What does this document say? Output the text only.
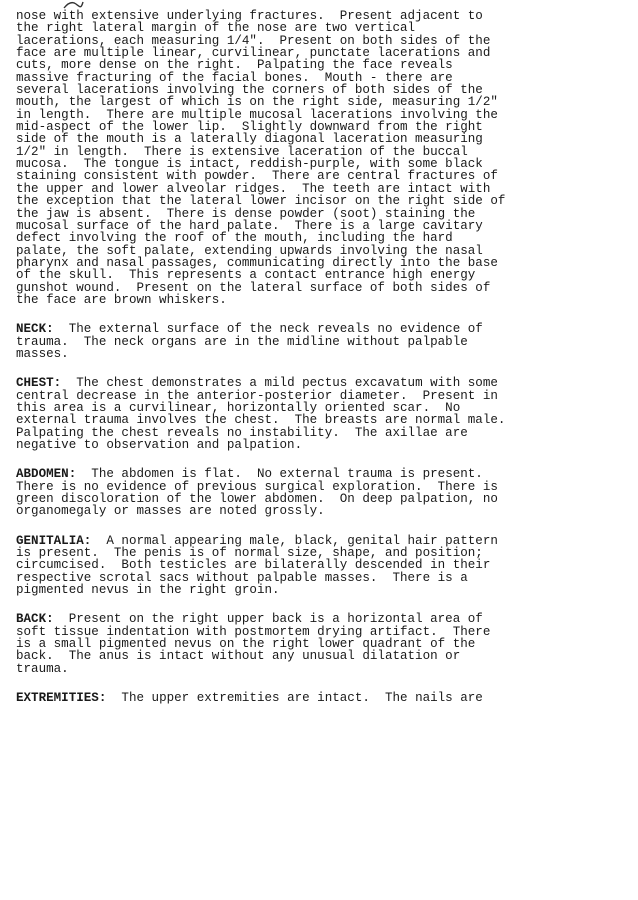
nose with extensive underlying fractures.  Present adjacent to
the right lateral margin of the nose are two vertical
lacerations, each measuring 1/4".  Present on both sides of the
face are multiple linear, curvilinear, punctate lacerations and
cuts, more dense on the right.  Palpating the face reveals
massive fracturing of the facial bones.  Mouth - there are
several lacerations involving the corners of both sides of the
mouth, the largest of which is on the right side, measuring 1/2"
in length.  There are multiple mucosal lacerations involving the
mid-aspect of the lower lip.  Slightly downward from the right
side of the mouth is a laterally diagonal laceration measuring
1/2" in length.  There is extensive laceration of the buccal
mucosa.  The tongue is intact, reddish-purple, with some black
staining consistent with powder.  There are central fractures of
the upper and lower alveolar ridges.  The teeth are intact with
the exception that the lateral lower incisor on the right side of
the jaw is absent.  There is dense powder (soot) staining the
mucosal surface of the hard palate.  There is a large cavitary
defect involving the roof of the mouth, including the hard
palate, the soft palate, extending upwards involving the nasal
pharynx and nasal passages, communicating directly into the base
of the skull.  This represents a contact entrance high energy
gunshot wound.  Present on the lateral surface of both sides of
the face are brown whiskers.
NECK:  The external surface of the neck reveals no evidence of
trauma.  The neck organs are in the midline without palpable
masses.
CHEST:  The chest demonstrates a mild pectus excavatum with some
central decrease in the anterior-posterior diameter.  Present in
this area is a curvilinear, horizontally oriented scar.  No
external trauma involves the chest.  The breasts are normal male.
Palpating the chest reveals no instability.  The axillae are
negative to observation and palpation.
ABDOMEN:  The abdomen is flat.  No external trauma is present.
There is no evidence of previous surgical exploration.  There is
green discoloration of the lower abdomen.  On deep palpation, no
organomegaly or masses are noted grossly.
GENITALIA:  A normal appearing male, black, genital hair pattern
is present.  The penis is of normal size, shape, and position;
circumcised.  Both testicles are bilaterally descended in their
respective scrotal sacs without palpable masses.  There is a
pigmented nevus in the right groin.
BACK:  Present on the right upper back is a horizontal area of
soft tissue indentation with postmortem drying artifact.  There
is a small pigmented nevus on the right lower quadrant of the
back.  The anus is intact without any unusual dilatation or
trauma.
EXTREMITIES:  The upper extremities are intact.  The nails are
